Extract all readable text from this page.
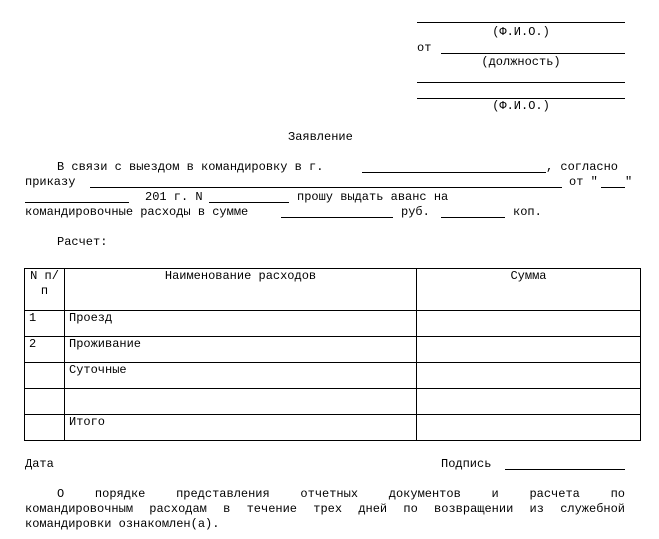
(Ф.И.О.)
от
(должность)
(Ф.И.О.)
Заявление
В связи с выездом в командировку в г.	, согласно
приказу	от " "
201 г. N	прошу выдать аванс на
командировочные расходы в сумме	руб.	коп.
Расчет:
N п/п	Наименование расходов	Сумма
1	Проезд	
2	Проживание	
	Суточные	

	Итого	
Дата	Подпись
О порядке представления отчетных документов и расчета по
командировочным расходам в течение трех дней по возвращении из служебной
командировки ознакомлен(а).
